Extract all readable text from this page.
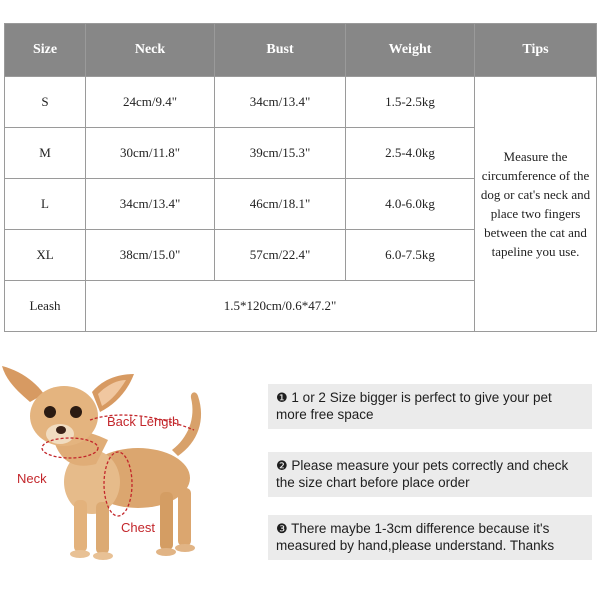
Size	Neck	Bust	Weight	Tips
S	24cm/9.4"	34cm/13.4"	1.5-2.5kg	Measure the circumference of the dog or cat's neck and place two fingers between the cat and tapeline you use.
M	30cm/11.8"	39cm/15.3"	2.5-4.0kg	
L	34cm/13.4"	46cm/18.1"	4.0-6.0kg	
XL	38cm/15.0"	57cm/22.4"	6.0-7.5kg	
Leash	1.5*120cm/0.6*47.2"			
Back Length
Neck
Chest
❶ 1 or 2 Size bigger is perfect to give your pet more free space
❷ Please measure your pets correctly and check the size chart before place order
❸ There maybe 1-3cm difference because it's measured by hand,please understand. Thanks
